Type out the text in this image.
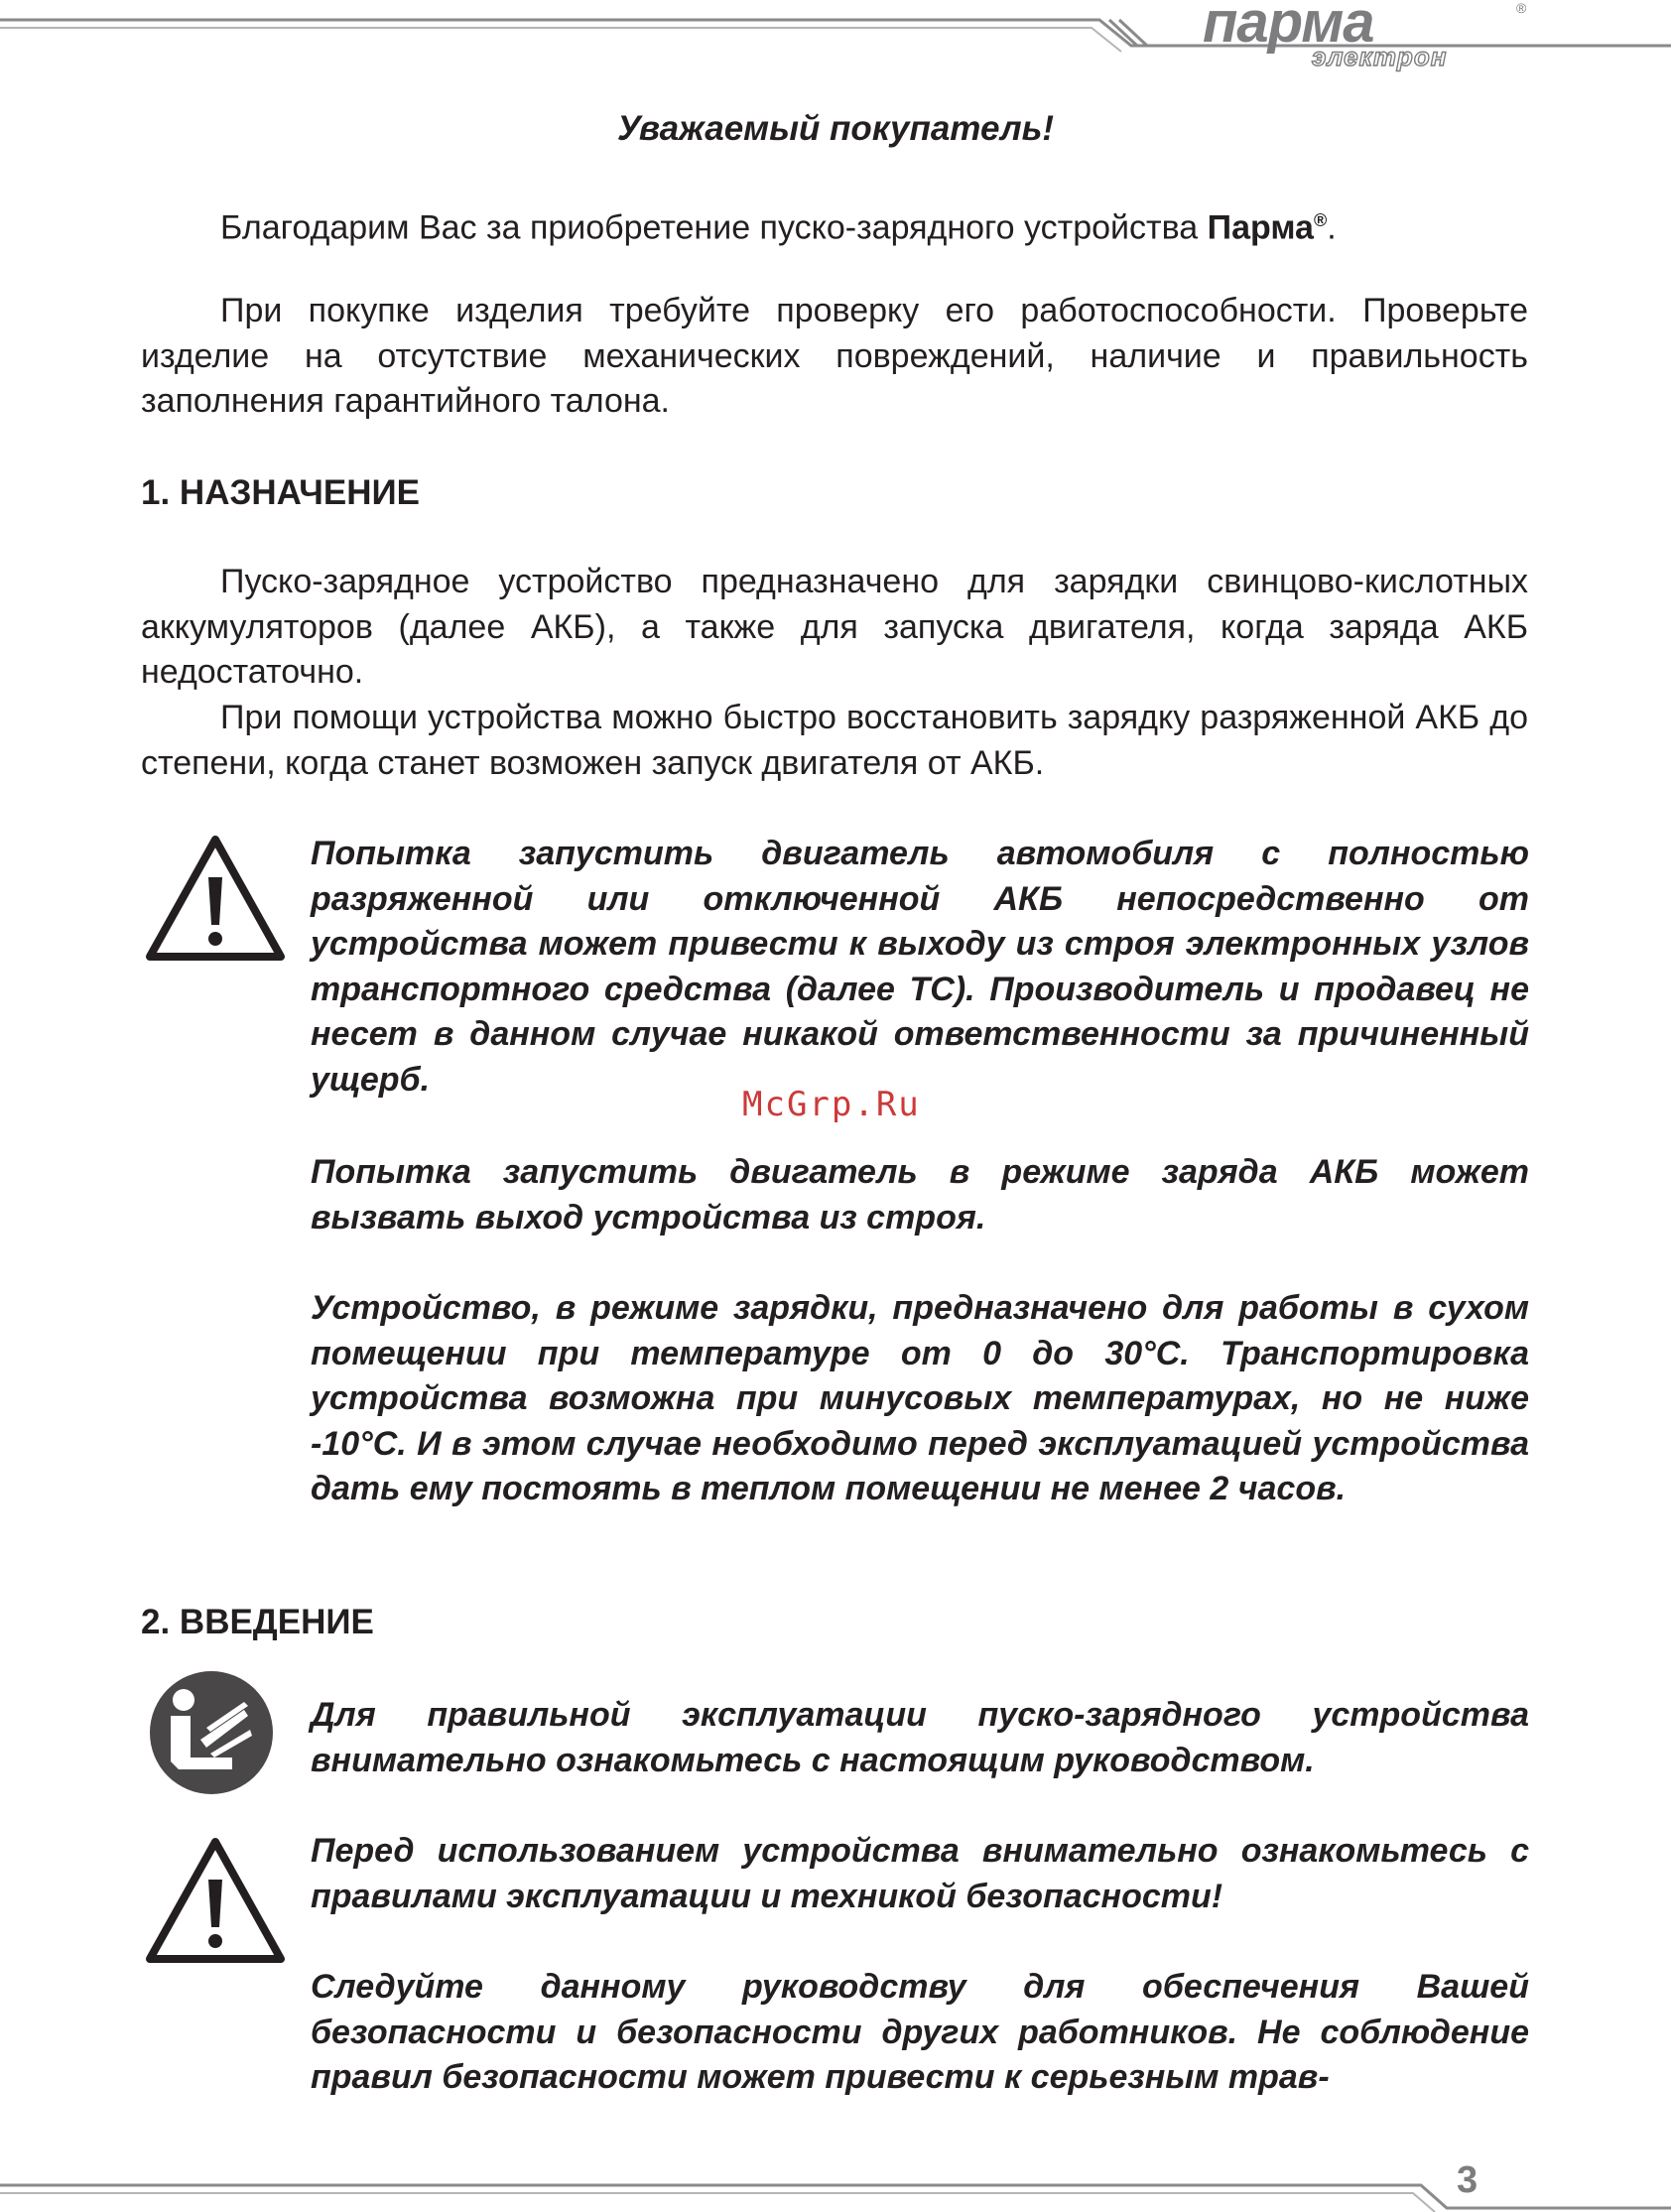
парма	®
электрон
Уважаемый покупатель!

Благодарим Вас за приобретение пуско-зарядного устройства Парма®.

При покупке изделия требуйте проверку его работоспособности. Проверьте изделие на отсутствие механических повреждений, наличие и правильность заполнения гарантийного талона.

1. НАЗНАЧЕНИЕ

Пуско-зарядное устройство предназначено для зарядки свинцово-кислотных аккумуляторов (далее АКБ), а также для запуска двигателя, когда заряда АКБ недостаточно.

При помощи устройства можно быстро восстановить зарядку разряженной АКБ до степени, когда станет возможен запуск двигателя от АКБ.

Попытка запустить двигатель автомобиля с полностью разряженной или отключенной АКБ непосредственно от устройства может привести к выходу из строя электронных узлов транспортного средства (далее ТС). Производитель и продавец не несет в данном случае никакой ответственности за причиненный ущерб.

McGrp.Ru

Попытка запустить двигатель в режиме заряда АКБ может вызвать выход устройства из строя.

Устройство, в режиме зарядки, предназначено для работы в сухом помещении при температуре от 0 до 30°С. Транспортировка устройства возможна при минусовых температурах, но не ниже -10°С. И в этом случае необходимо перед эксплуатацией устройства дать ему постоять в теплом помещении не менее 2 часов.

2. ВВЕДЕНИЕ

Для правильной эксплуатации пуско-зарядного устройства внимательно ознакомьтесь с настоящим руководством.

Перед использованием устройства внимательно ознакомьтесь с правилами эксплуатации и техникой безопасности!

Следуйте данному руководству для обеспечения Вашей безопасности и безопасности других работников. Не соблюдение правил безопасности может привести к серьезным трав-

3
